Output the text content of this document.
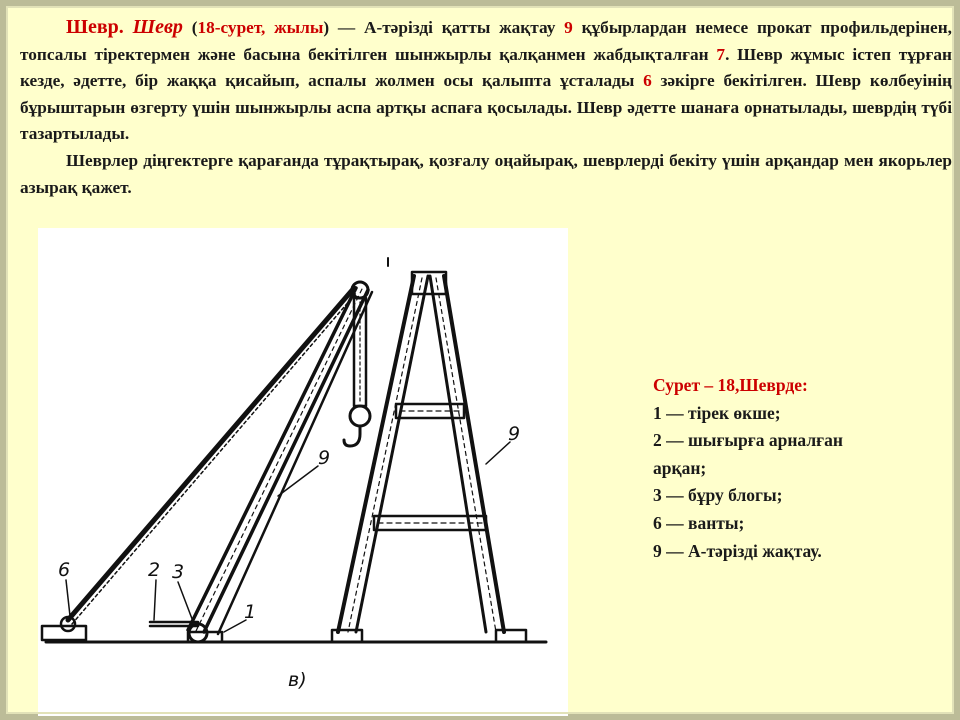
Шевр. Шевр (18-сурет, жылы) — А-тәрізді қатты жақтау 9 құбырлардан немесе прокат профильдерінен, топсалы тіректермен және басына бекітілген шынжырлы қалқанмен жабдықталған 7. Шевр жұмыс істеп тұрған кезде, әдетте, бір жаққа қисайып, аспалы жолмен осы қалыпта ұсталады 6 зәкірге бекітілген. Шевр көлбеуінің бұрыштарын өзгерту үшін шынжырлы аспа артқы аспаға қосылады. Шевр әдетте шанаға орнатылады, шеврдің түбі тазартылады.

Шеврлер діңгектерге қарағанда тұрақтырақ, қозғалу оңайырақ, шеврлерді бекіту үшін арқандар мен якорьлер азырақ қажет.

6	2 3
1
9
9
в)
Сурет – 18,Шеврде:
1 — тірек өкше;
2 — шығырға арналған
арқан;
3 — бұру блогы;
6 — ванты;
9 — А-тәрізді жақтау.
